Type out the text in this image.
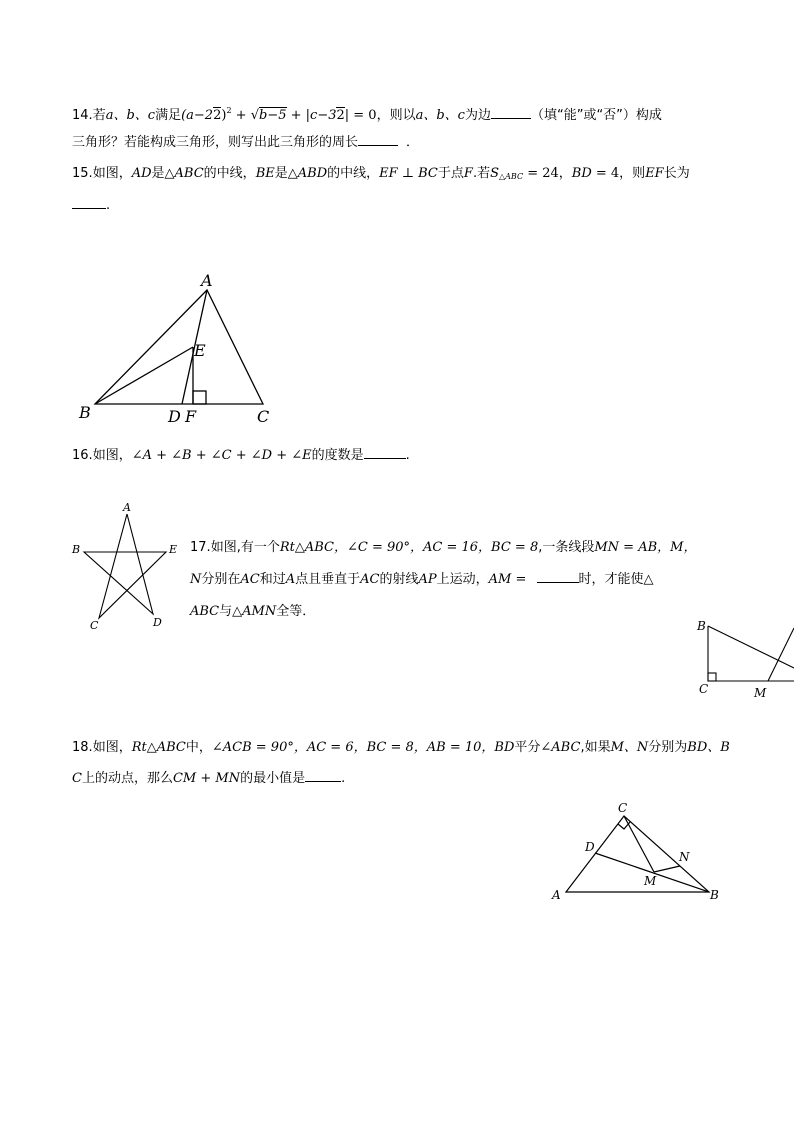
14.若a、b、c满足$(a-22)^2 + √b-5 + |c-32| = 0$，则以a、b、c为边	（填“能”或“否”）构成
三角形？若能构成三角形，则写出此三角形的周长	．
15.如图，AD是△ABC的中线，BE是△ABD的中线，EF ⊥ BC于点F.若$S_{\triangle ABC} = 24$，BD = 4，则EF长为
.
A
B	C
D
E
F
16.如图，∠A + ∠B + ∠C + ∠D + ∠E的度数是	.
A
B
C	D
E 17.如图,有一个Rt△ABC，∠C = 90°，AC = 16，BC = 8,一条线段MN = AB，M，
N分别在AC和过A点且垂直于AC的射线AP上运动，AM =	时，才能使△
ABC与△AMN全等．
B
C	M
18.如图，Rt△ABC中，∠ACB = 90°，AC = 6，BC = 8，AB = 10，BD平分∠ABC,如果M、N分别为BD、B
C上的动点，那么CM + MN的最小值是	.
A	B
C
D
M
N
